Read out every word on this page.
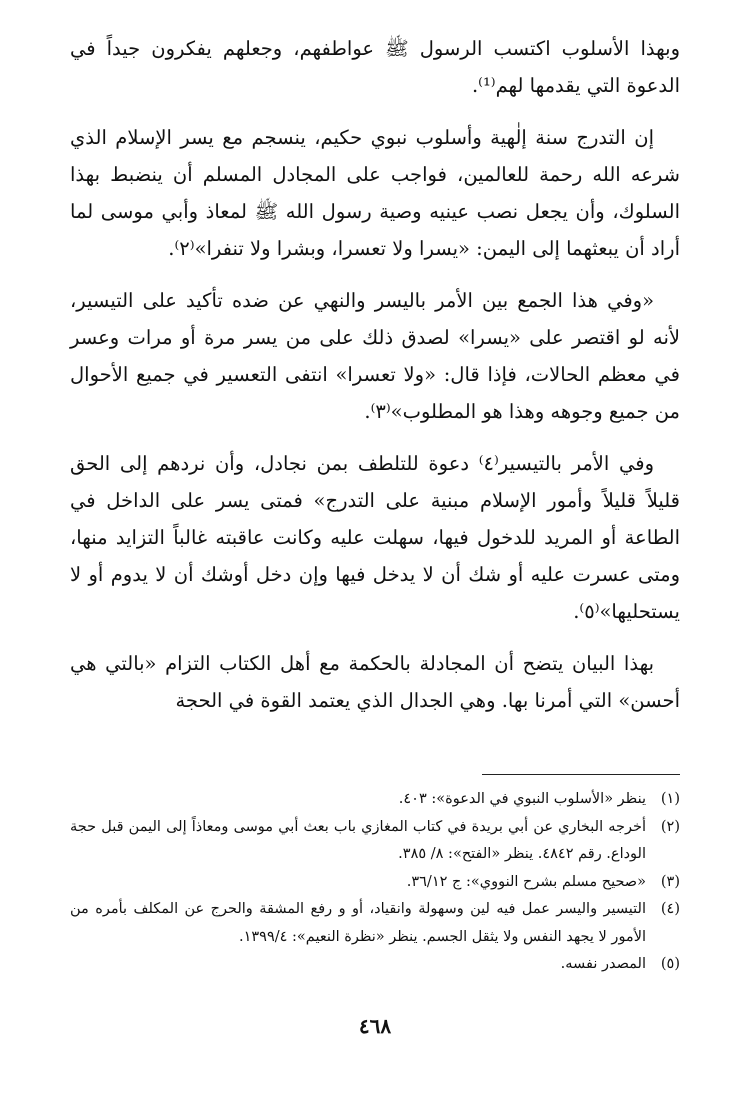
وبهذا الأسلوب اكتسب الرسول ﷺ عواطفهم، وجعلهم يفكرون جيداً في الدعوة التي يقدمها لهم⁽¹⁾.

إن التدرج سنة إلٰهية وأسلوب نبوي حكيم، ينسجم مع يسر الإسلام الذي شرعه الله رحمة للعالمين، فواجب على المجادل المسلم أن ينضبط بهذا السلوك، وأن يجعل نصب عينيه وصية رسول الله ﷺ لمعاذ وأبي موسى لما أراد أن يبعثهما إلى اليمن: «يسرا ولا تعسرا، وبشرا ولا تنفرا»⁽٢⁾.

«وفي هذا الجمع بين الأمر باليسر والنهي عن ضده تأكيد على التيسير، لأنه لو اقتصر على «يسرا» لصدق ذلك على من يسر مرة أو مرات وعسر في معظم الحالات، فإذا قال: «ولا تعسرا» انتفى التعسير في جميع الأحوال من جميع وجوهه وهذا هو المطلوب»⁽٣⁾.

وفي الأمر بالتيسير⁽٤⁾ دعوة للتلطف بمن نجادل، وأن نردهم إلى الحق قليلاً قليلاً وأمور الإسلام مبنية على التدرج» فمتى يسر على الداخل في الطاعة أو المريد للدخول فيها، سهلت عليه وكانت عاقبته غالباً التزايد منها، ومتى عسرت عليه أو شك أن لا يدخل فيها وإن دخل أوشك أن لا يدوم أو لا يستحليها»⁽٥⁾.

بهذا البيان يتضح أن المجادلة بالحكمة مع أهل الكتاب التزام «بالتي هي أحسن» التي أمرنا بها. وهي الجدال الذي يعتمد القوة في الحجة

(١)
ينظر «الأسلوب النبوي في الدعوة»: ٤٠٣.
(٢)
أخرجه البخاري عن أبي بريدة في كتاب المغازي باب بعث أبي موسى ومعاذاً إلى اليمن قبل حجة الوداع. رقم ٤٨٤٢. ينظر «الفتح»: ٨/ ٣٨٥.
(٣)
«صحيح مسلم بشرح النووي»: ج ٣٦/١٢.
(٤)
التيسير واليسر عمل فيه لين وسهولة وانقياد، أو و رفع المشقة والحرج عن المكلف بأمره من الأمور لا يجهد النفس ولا يثقل الجسم. ينظر «نظرة النعيم»: ١٣٩٩/٤.
(٥)
المصدر نفسه.
٤٦٨
